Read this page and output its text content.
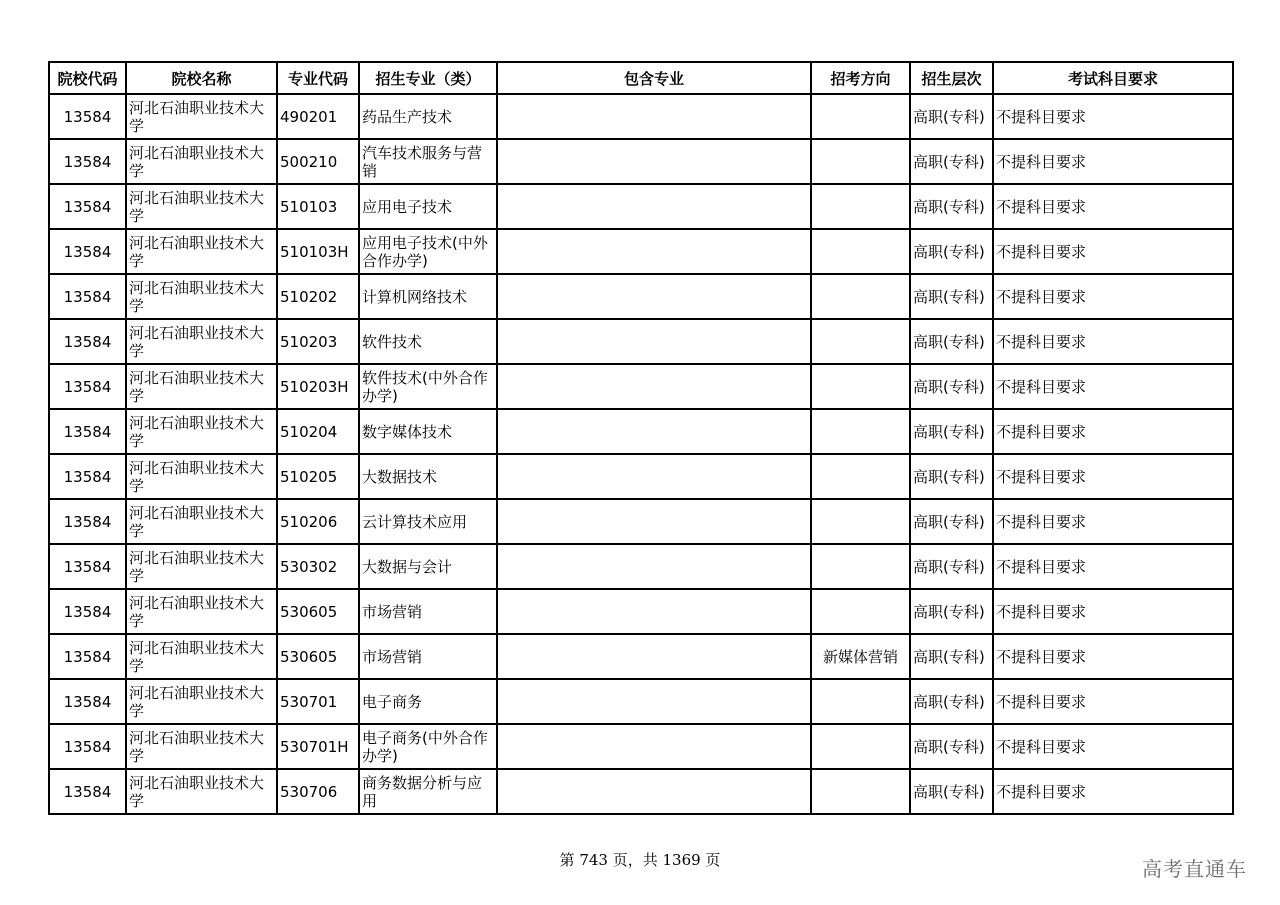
院校代码	院校名称	专业代码	招生专业（类）	包含专业	招考方向	招生层次	考试科目要求
13584	河北石油职业技术大学	490201	药品生产技术			高职(专科)	不提科目要求
13584	河北石油职业技术大学	500210	汽车技术服务与营销			高职(专科)	不提科目要求
13584	河北石油职业技术大学	510103	应用电子技术			高职(专科)	不提科目要求
13584	河北石油职业技术大学	510103H	应用电子技术(中外合作办学)			高职(专科)	不提科目要求
13584	河北石油职业技术大学	510202	计算机网络技术			高职(专科)	不提科目要求
13584	河北石油职业技术大学	510203	软件技术			高职(专科)	不提科目要求
13584	河北石油职业技术大学	510203H	软件技术(中外合作办学)			高职(专科)	不提科目要求
13584	河北石油职业技术大学	510204	数字媒体技术			高职(专科)	不提科目要求
13584	河北石油职业技术大学	510205	大数据技术			高职(专科)	不提科目要求
13584	河北石油职业技术大学	510206	云计算技术应用			高职(专科)	不提科目要求
13584	河北石油职业技术大学	530302	大数据与会计			高职(专科)	不提科目要求
13584	河北石油职业技术大学	530605	市场营销			高职(专科)	不提科目要求
13584	河北石油职业技术大学	530605	市场营销		新媒体营销	高职(专科)	不提科目要求
13584	河北石油职业技术大学	530701	电子商务			高职(专科)	不提科目要求
13584	河北石油职业技术大学	530701H	电子商务(中外合作办学)			高职(专科)	不提科目要求
13584	河北石油职业技术大学	530706	商务数据分析与应用			高职(专科)	不提科目要求
第 743 页，共 1369 页	高考直通车
